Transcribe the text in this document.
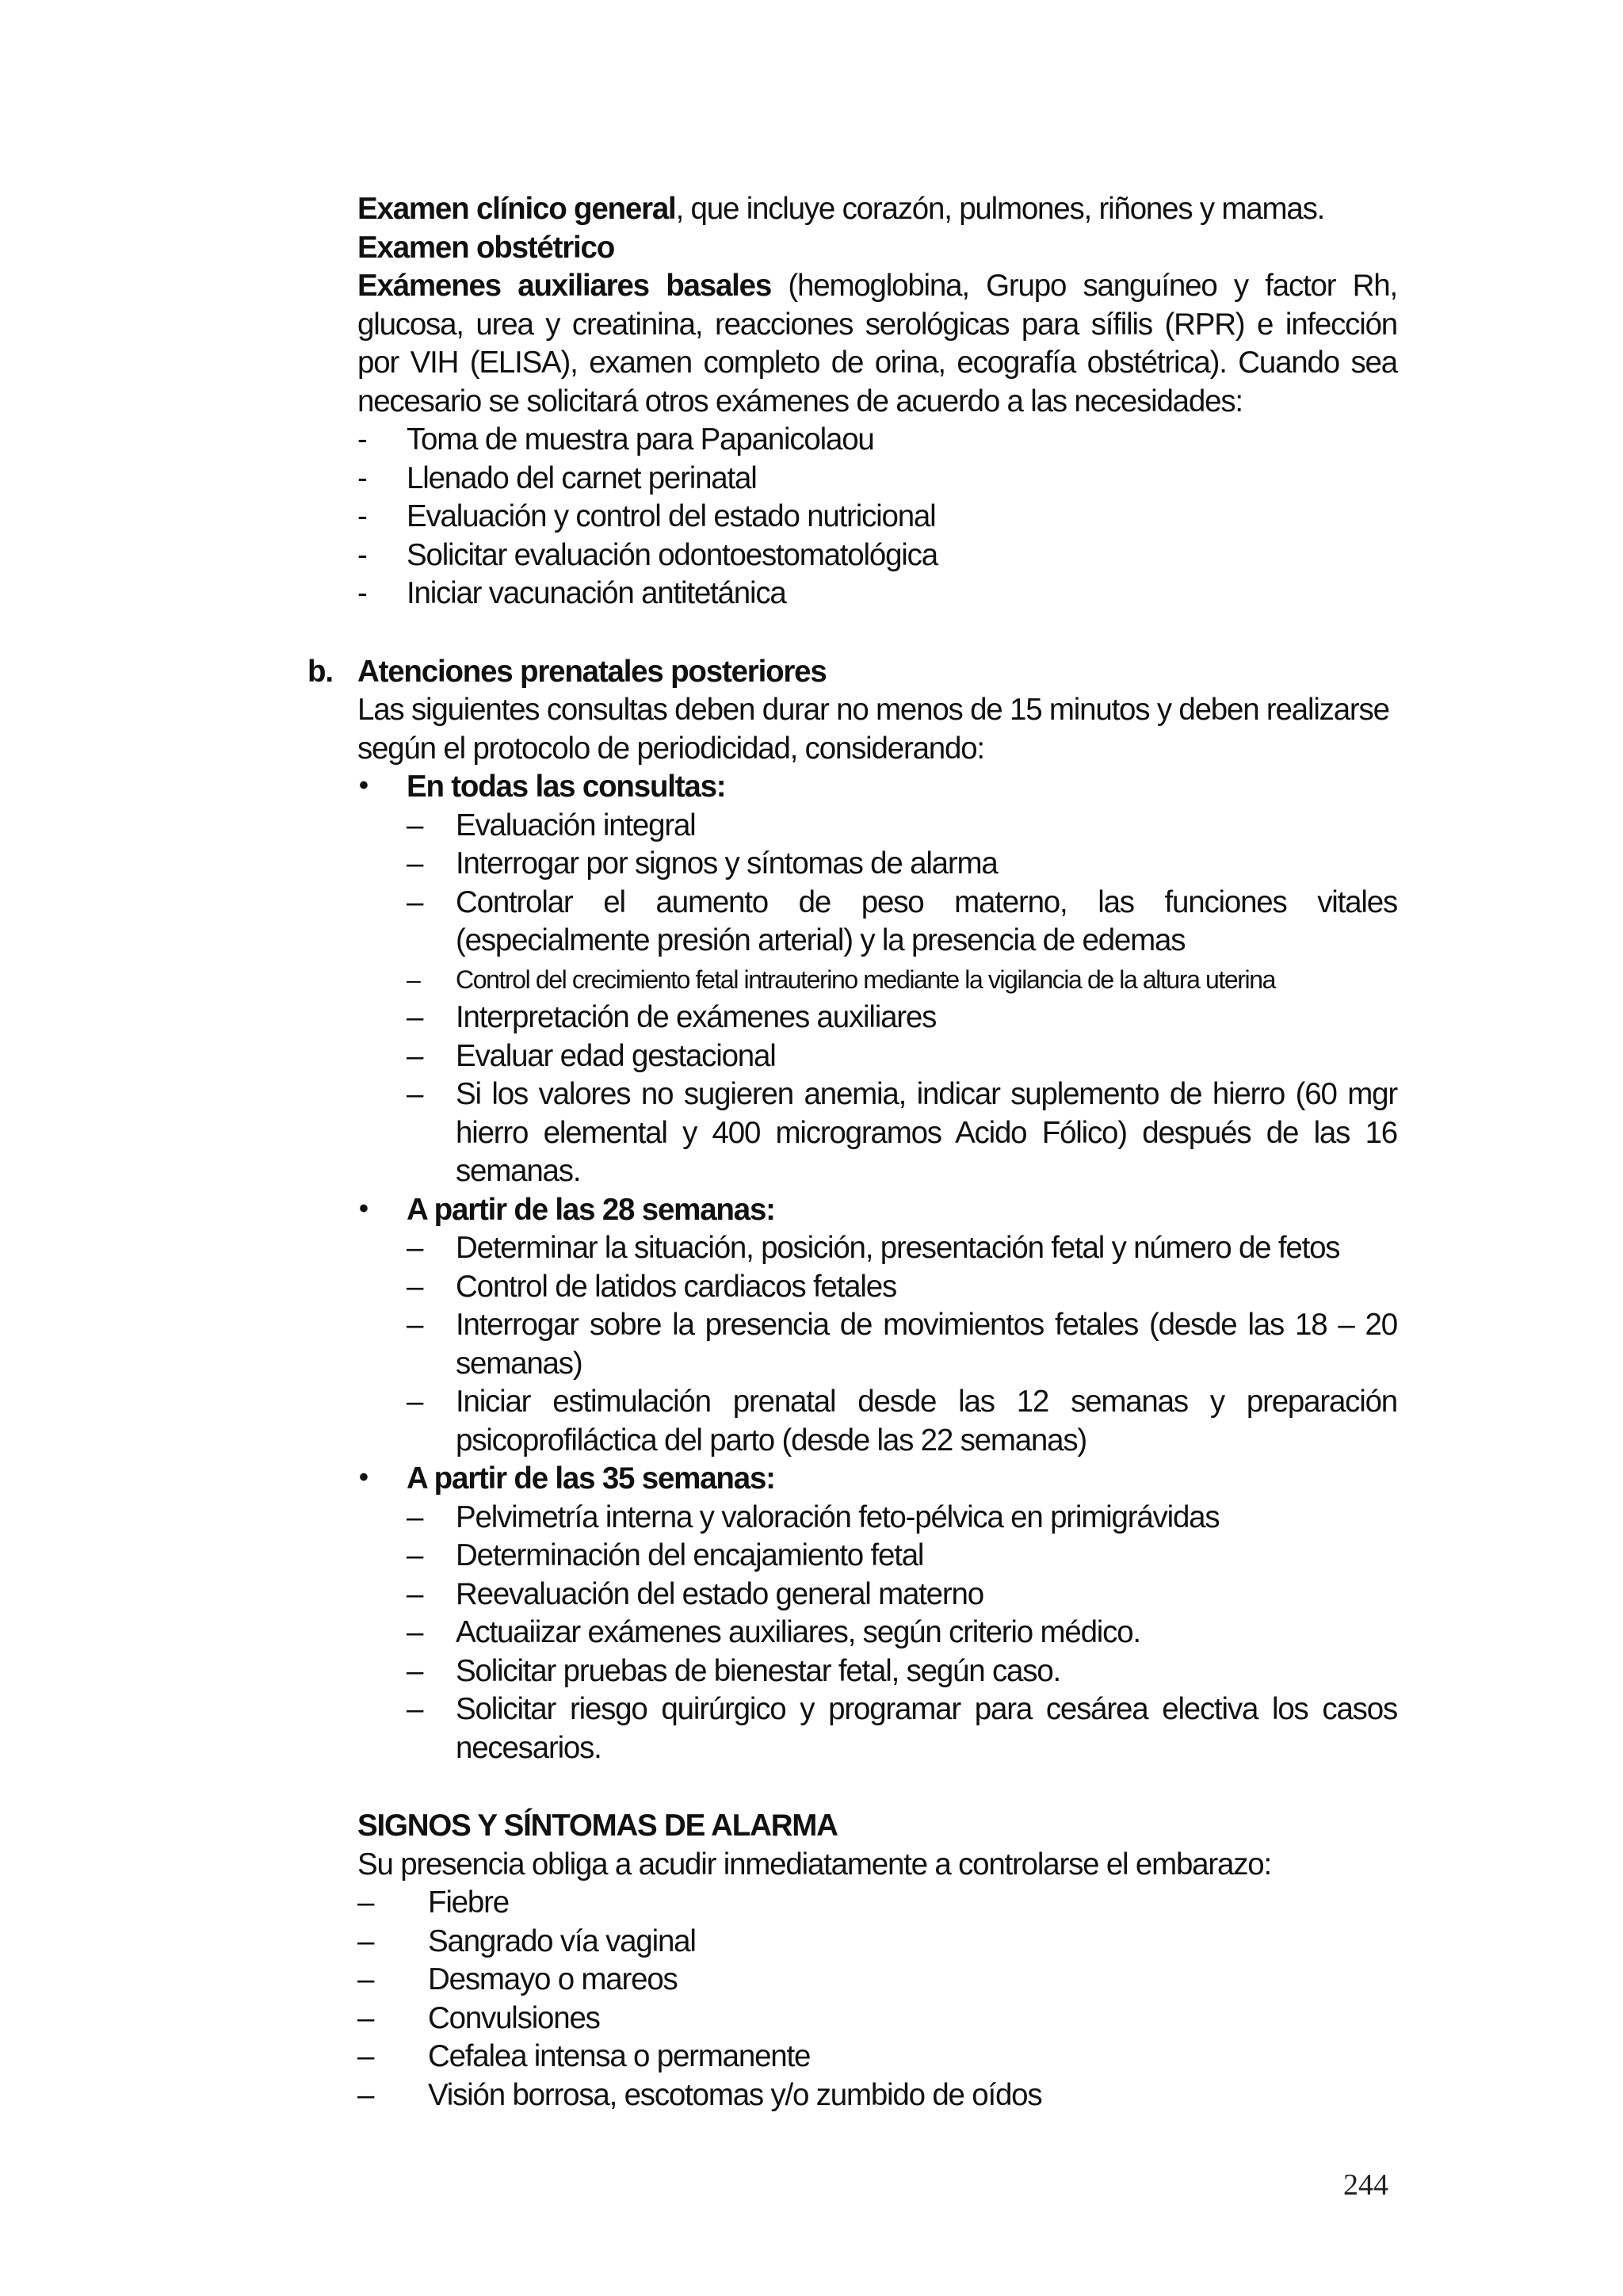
Examen clínico general, que incluye corazón, pulmones, riñones y mamas.

Examen obstétrico

Exámenes auxiliares basales (hemoglobina, Grupo sanguíneo y factor Rh, glucosa, urea y creatinina, reacciones serológicas para sífilis (RPR) e infección por VIH (ELISA), examen completo de orina, ecografía obstétrica). Cuando sea necesario se solicitará otros exámenes de acuerdo a las necesidades:

-	Toma de muestra para Papanicolaou
-	Llenado del carnet perinatal
-	Evaluación y control del estado nutricional
-	Solicitar evaluación odontoestomatológica
-	Iniciar vacunación antitetánica
b. Atenciones prenatales posteriores

Las siguientes consultas deben durar no menos de 15 minutos y deben realizarse según el protocolo de periodicidad, considerando:

• En todas las consultas:
– Evaluación integral
– Interrogar por signos y síntomas de alarma
– Controlar el aumento de peso materno, las funciones vitales (especialmente presión arterial) y la presencia de edemas
– Control del crecimiento fetal intrauterino mediante la vigilancia de la altura uterina
– Interpretación de exámenes auxiliares
– Evaluar edad gestacional
– Si los valores no sugieren anemia, indicar suplemento de hierro (60 mgr hierro elemental y 400 microgramos Acido Fólico) después de las 16 semanas.
• A partir de las 28 semanas:
– Determinar la situación, posición, presentación fetal y número de fetos
– Control de latidos cardiacos fetales
– Interrogar sobre la presencia de movimientos fetales (desde las 18 – 20 semanas)
– Iniciar estimulación prenatal desde las 12 semanas y preparación psicoprofiláctica del parto (desde las 22 semanas)
• A partir de las 35 semanas:
– Pelvimetría interna y valoración feto-pélvica en primigrávidas
– Determinación del encajamiento fetal
– Reevaluación del estado general materno
– Actuaiizar exámenes auxiliares, según criterio médico.
– Solicitar pruebas de bienestar fetal, según caso.
– Solicitar riesgo quirúrgico y programar para cesárea electiva los casos necesarios.

SIGNOS Y SÍNTOMAS DE ALARMA

Su presencia obliga a acudir inmediatamente a controlarse el embarazo:

– Fiebre
– Sangrado vía vaginal
– Desmayo o mareos
– Convulsiones
– Cefalea intensa o permanente
– Visión borrosa, escotomas y/o zumbido de oídos
244
